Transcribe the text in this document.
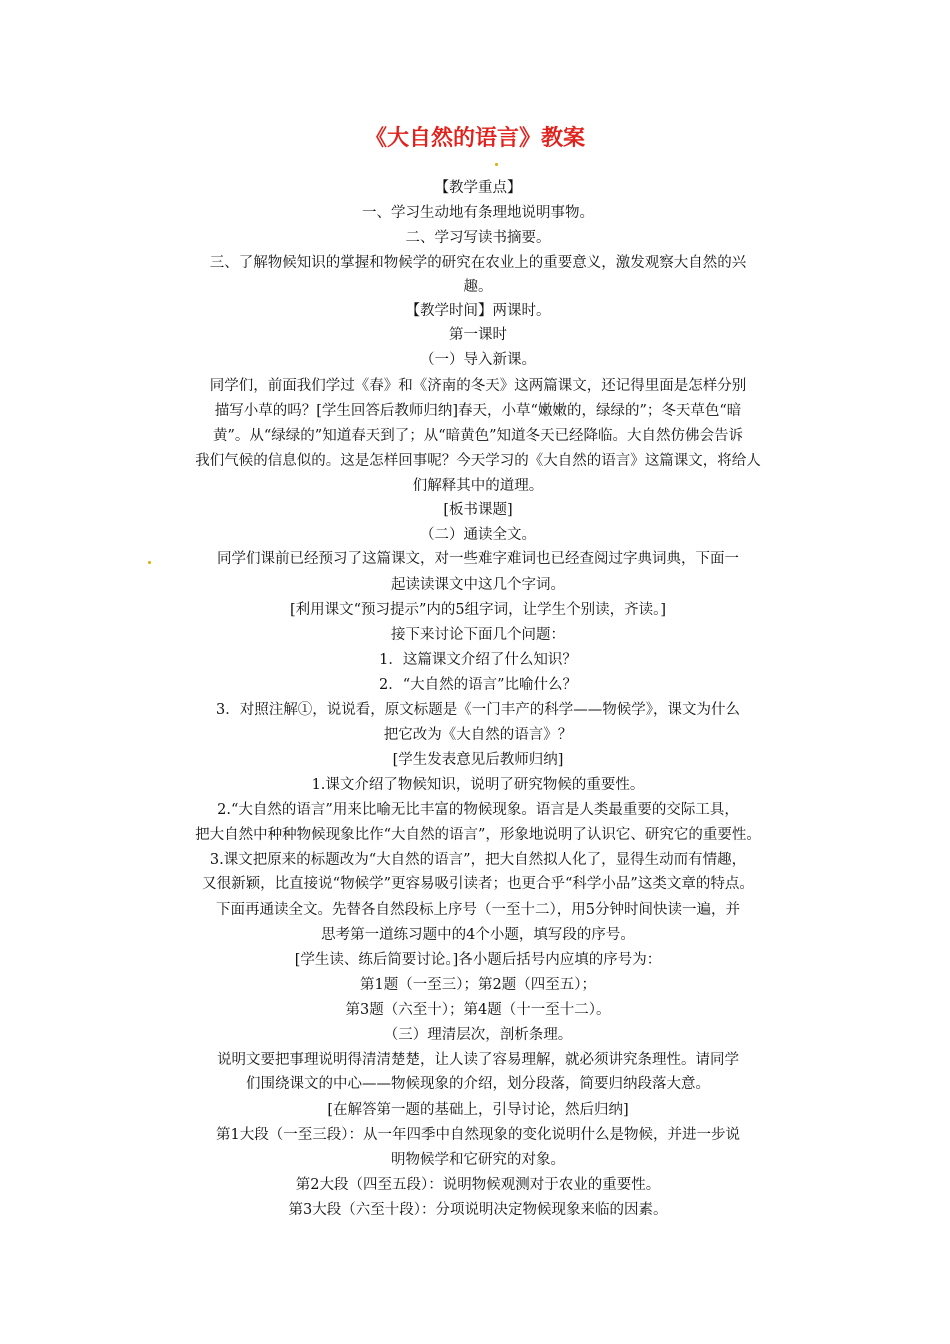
《大自然的语言》教案
【教学重点】
一、学习生动地有条理地说明事物。
二、学习写读书摘要。
三、了解物候知识的掌握和物候学的研究在农业上的重要意义，激发观察大自然的兴
趣。
【教学时间】两课时。
第一课时
（一）导入新课。
同学们，前面我们学过《春》和《济南的冬天》这两篇课文，还记得里面是怎样分别
描写小草的吗？[学生回答后教师归纳]春天，小草“嫩嫩的，绿绿的”；冬天草色“暗
黄”。从“绿绿的”知道春天到了；从“暗黄色”知道冬天已经降临。大自然仿佛会告诉
我们气候的信息似的。这是怎样回事呢？今天学习的《大自然的语言》这篇课文，将给人
们解释其中的道理。
[板书课题]
（二）通读全文。
同学们课前已经预习了这篇课文，对一些难字难词也已经查阅过字典词典，下面一
起读读课文中这几个字词。
[利用课文“预习提示”内的5组字词，让学生个别读，齐读。]
接下来讨论下面几个问题：
1．这篇课文介绍了什么知识？
2．“大自然的语言”比喻什么？
3．对照注解①，说说看，原文标题是《一门丰产的科学——物候学》，课文为什么
把它改为《大自然的语言》？
[学生发表意见后教师归纳]
1.课文介绍了物候知识，说明了研究物候的重要性。
2.“大自然的语言”用来比喻无比丰富的物候现象。语言是人类最重要的交际工具，
把大自然中种种物候现象比作“大自然的语言”，形象地说明了认识它、研究它的重要性。
3.课文把原来的标题改为“大自然的语言”，把大自然拟人化了，显得生动而有情趣，
又很新颖，比直接说“物候学”更容易吸引读者；也更合乎“科学小品”这类文章的特点。
下面再通读全文。先替各自然段标上序号（一至十二），用5分钟时间快读一遍，并
思考第一道练习题中的4个小题，填写段的序号。
[学生读、练后简要讨论。]各小题后括号内应填的序号为：
第1题（一至三）；第2题（四至五）；
第3题（六至十）；第4题（十一至十二）。
（三）理清层次，剖析条理。
说明文要把事理说明得清清楚楚，让人读了容易理解，就必须讲究条理性。请同学
们围绕课文的中心——物候现象的介绍，划分段落，简要归纳段落大意。
[在解答第一题的基础上，引导讨论，然后归纳]
第1大段（一至三段）：从一年四季中自然现象的变化说明什么是物候，并进一步说
明物候学和它研究的对象。
第2大段（四至五段）：说明物候观测对于农业的重要性。
第3大段（六至十段）：分项说明决定物候现象来临的因素。
